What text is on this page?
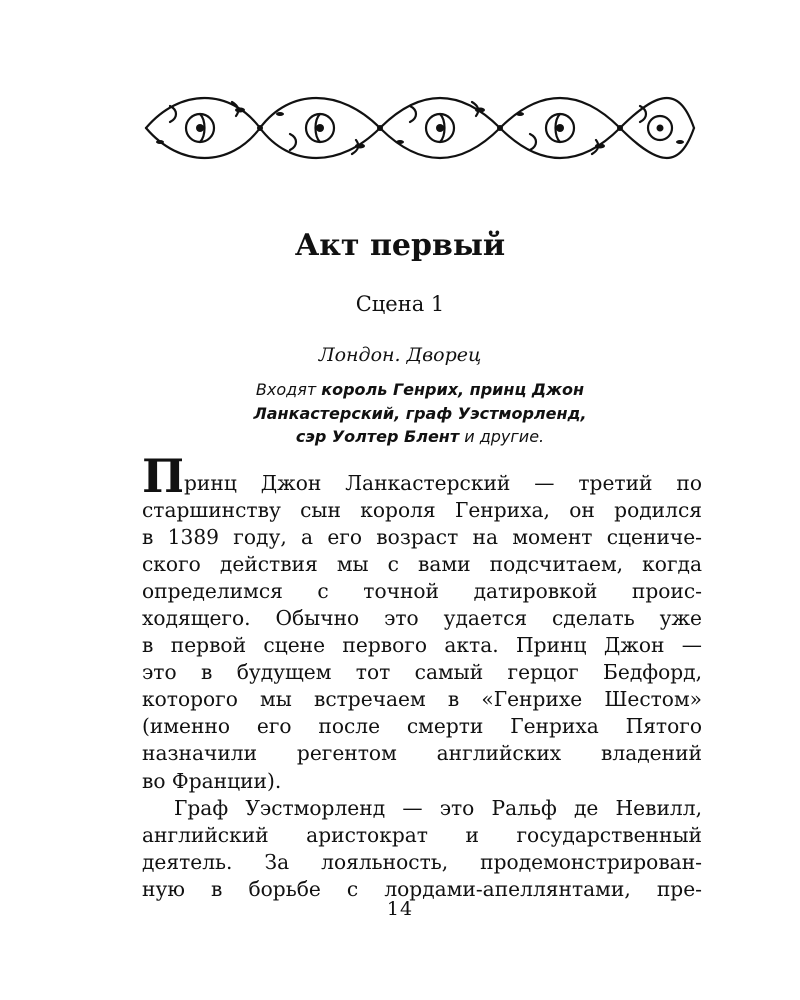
Акт первый

Сцена 1

Лондон. Дворец

Входят король Генрих, принц Джон
Ланкастерский, граф Уэстморленд,
сэр Уолтер Блент и другие.

П
ринц Джон Ланкастерский — третий по
старшинству сын короля Генриха, он родился
в 1389 году, а его возраст на момент сцениче-
ского действия мы с вами подсчитаем, когда
определимся с точной датировкой проис-
ходящего. Обычно это удается сделать уже
в первой сцене первого акта. Принц Джон —
это в будущем тот самый герцог Бедфорд,
которого мы встречаем в «Генрихе Шестом»
(именно его после смерти Генриха Пятого
назначили регентом английских владений
во Франции).
Граф Уэстморленд — это Ральф де Невилл,
английский аристократ и государственный
деятель. За лояльность, продемонстрирован-
ную в борьбе с лордами-апеллянтами, пре-

14
